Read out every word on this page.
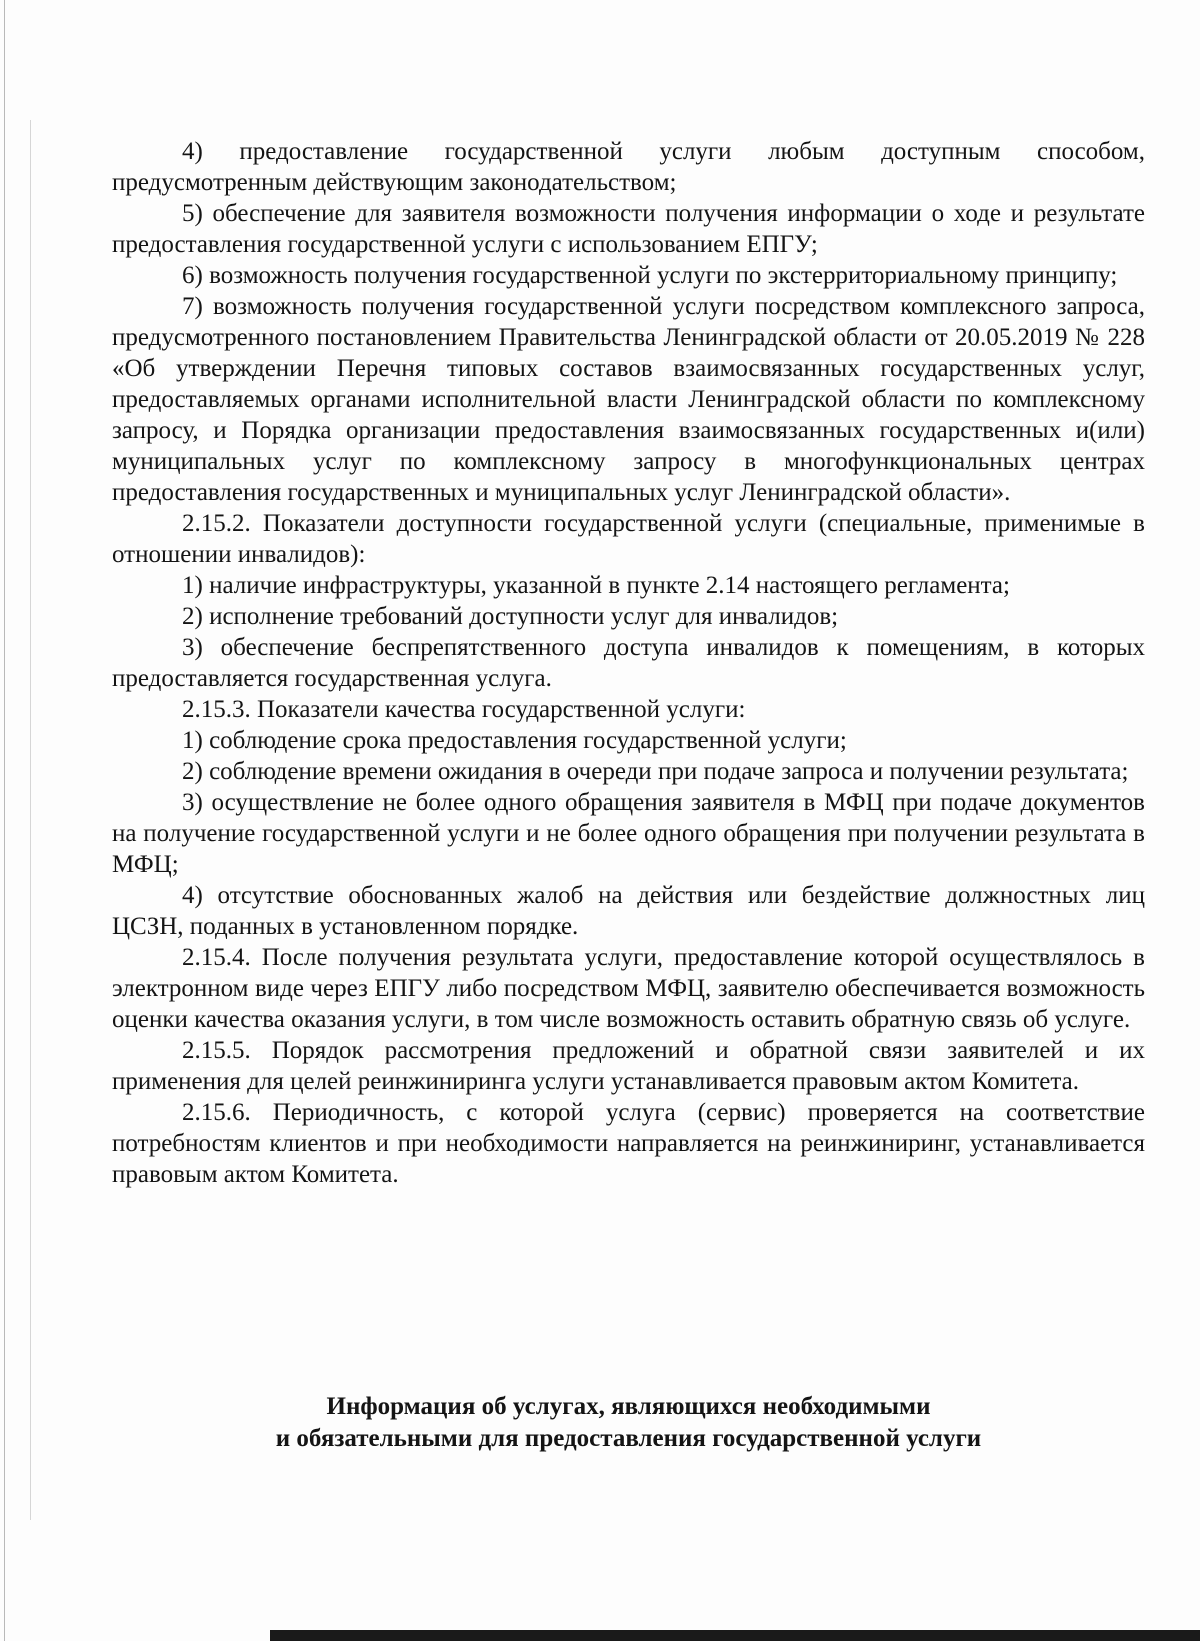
4) предоставление государственной услуги любым доступным способом, предусмотренным действующим законодательством;

5) обеспечение для заявителя возможности получения информации о ходе и результате предоставления государственной услуги с использованием ЕПГУ;

6) возможность получения государственной услуги по экстерриториальному принципу;

7) возможность получения государственной услуги посредством комплексного запроса, предусмотренного постановлением Правительства Ленинградской области от 20.05.2019 № 228 «Об утверждении Перечня типовых составов взаимосвязанных государственных услуг, предоставляемых органами исполнительной власти Ленинградской области по комплексному запросу, и Порядка организации предоставления взаимосвязанных государственных и(или) муниципальных услуг по комплексному запросу в многофункциональных центрах предоставления государственных и муниципальных услуг Ленинградской области».

2.15.2. Показатели доступности государственной услуги (специальные, применимые в отношении инвалидов):

1) наличие инфраструктуры, указанной в пункте 2.14 настоящего регламента;

2) исполнение требований доступности услуг для инвалидов;

3) обеспечение беспрепятственного доступа инвалидов к помещениям, в которых предоставляется государственная услуга.

2.15.3. Показатели качества государственной услуги:

1) соблюдение срока предоставления государственной услуги;

2) соблюдение времени ожидания в очереди при подаче запроса и получении результата;

3) осуществление не более одного обращения заявителя в МФЦ при подаче документов на получение государственной услуги и не более одного обращения при получении результата в МФЦ;

4) отсутствие обоснованных жалоб на действия или бездействие должностных лиц ЦСЗН, поданных в установленном порядке.

2.15.4. После получения результата услуги, предоставление которой осуществлялось в электронном виде через ЕПГУ либо посредством МФЦ, заявителю обеспечивается возможность оценки качества оказания услуги, в том числе возможность оставить обратную связь об услуге.

2.15.5. Порядок рассмотрения предложений и обратной связи заявителей и их применения для целей реинжиниринга услуги устанавливается правовым актом Комитета.

2.15.6. Периодичность, с которой услуга (сервис) проверяется на соответствие потребностям клиентов и при необходимости направляется на реинжиниринг, устанавливается правовым актом Комитета.

Информация об услугах, являющихся необходимыми
и обязательными для предоставления государственной услуги
